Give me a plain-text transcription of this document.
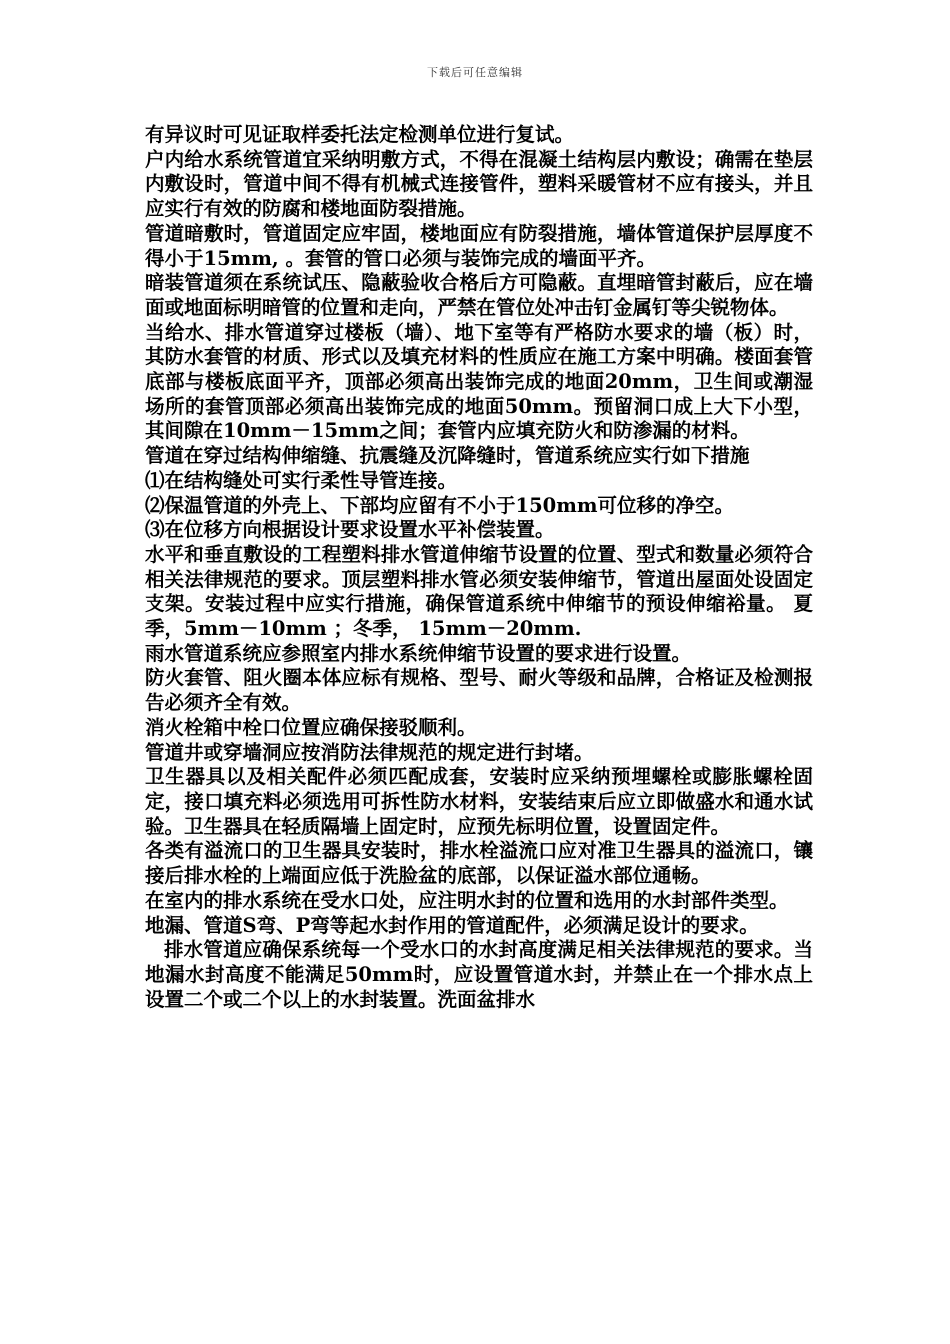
下载后可任意编辑

有异议时可见证取样委托法定检测单位进行复试。

户内给水系统管道宜采纳明敷方式，不得在混凝土结构层内敷设；确需在垫层内敷设时，管道中间不得有机械式连接管件，塑料采暖管材不应有接头，并且应实行有效的防腐和楼地面防裂措施。

管道暗敷时，管道固定应牢固，楼地面应有防裂措施，墙体管道保护层厚度不得小于15mm, 。套管的管口必须与装饰完成的墙面平齐。

暗装管道须在系统试压、隐蔽验收合格后方可隐蔽。直埋暗管封蔽后，应在墙面或地面标明暗管的位置和走向，严禁在管位处冲击钉金属钉等尖锐物体。

当给水、排水管道穿过楼板（墙）、地下室等有严格防水要求的墙（板）时，其防水套管的材质、形式以及填充材料的性质应在施工方案中明确。楼面套管底部与楼板底面平齐，顶部必须高出装饰完成的地面20mm，卫生间或潮湿场所的套管顶部必须高出装饰完成的地面50mm。预留洞口成上大下小型，其间隙在10mm－15mm之间；套管内应填充防火和防渗漏的材料。

管道在穿过结构伸缩缝、抗震缝及沉降缝时，管道系统应实行如下措施

⑴在结构缝处可实行柔性导管连接。

⑵保温管道的外壳上、下部均应留有不小于150mm可位移的净空。

⑶在位移方向根据设计要求设置水平补偿装置。

水平和垂直敷设的工程塑料排水管道伸缩节设置的位置、型式和数量必须符合相关法律规范的要求。顶层塑料排水管必须安装伸缩节，管道出屋面处设固定支架。安装过程中应实行措施，确保管道系统中伸缩节的预设伸缩裕量。 夏季，5mm－10mm ；冬季， 15mm－20mm.

雨水管道系统应参照室内排水系统伸缩节设置的要求进行设置。

防火套管、阻火圈本体应标有规格、型号、耐火等级和品牌，合格证及检测报告必须齐全有效。

消火栓箱中栓口位置应确保接驳顺利。

管道井或穿墙洞应按消防法律规范的规定进行封堵。

卫生器具以及相关配件必须匹配成套，安装时应采纳预埋螺栓或膨胀螺栓固定，接口填充料必须选用可拆性防水材料，安装结束后应立即做盛水和通水试验。卫生器具在轻质隔墙上固定时，应预先标明位置，设置固定件。

各类有溢流口的卫生器具安装时，排水栓溢流口应对准卫生器具的溢流口，镶接后排水栓的上端面应低于洗脸盆的底部，以保证溢水部位通畅。

在室内的排水系统在受水口处，应注明水封的位置和选用的水封部件类型。

地漏、管道S弯、P弯等起水封作用的管道配件，必须满足设计的要求。

排水管道应确保系统每一个受水口的水封高度满足相关法律规范的要求。当地漏水封高度不能满足50mm时，应设置管道水封，并禁止在一个排水点上设置二个或二个以上的水封装置。洗面盆排水
